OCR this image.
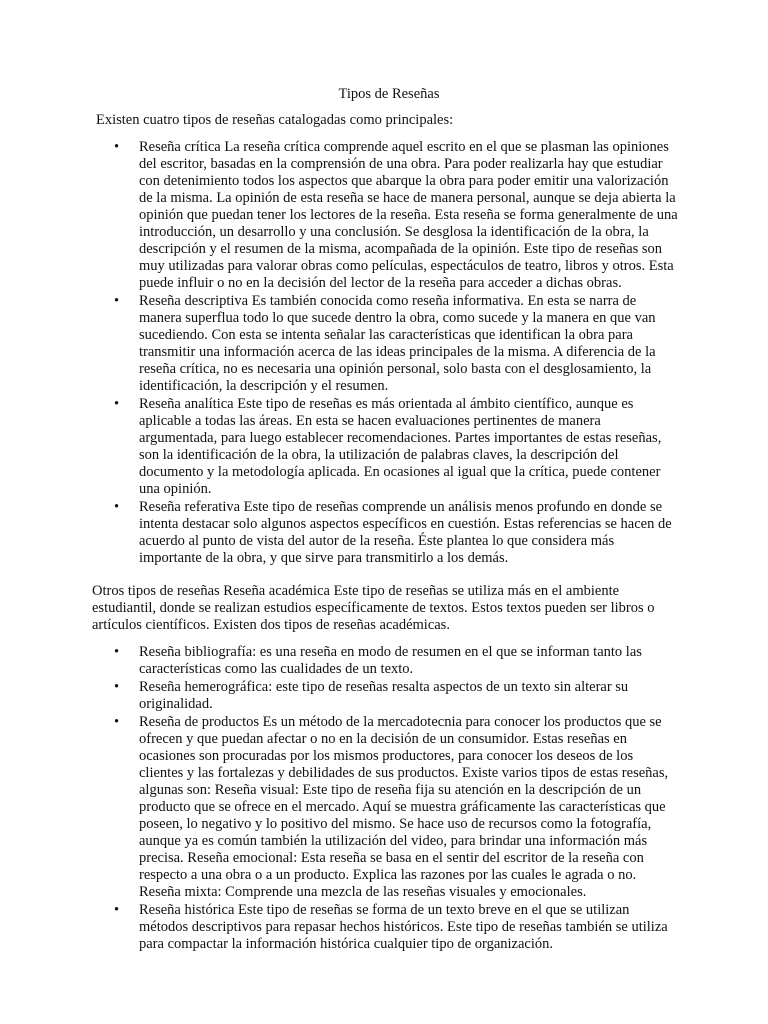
Tipos de Reseñas

Existen cuatro tipos de reseñas catalogadas como principales:

• Reseña crítica La reseña crítica comprende aquel escrito en el que se plasman las opiniones del escritor, basadas en la comprensión de una obra. Para poder realizarla hay que estudiar con detenimiento todos los aspectos que abarque la obra para poder emitir una valorización de la misma. La opinión de esta reseña se hace de manera personal, aunque se deja abierta la opinión que puedan tener los lectores de la reseña. Esta reseña se forma generalmente de una introducción, un desarrollo y una conclusión. Se desglosa la identificación de la obra, la descripción y el resumen de la misma, acompañada de la opinión. Este tipo de reseñas son muy utilizadas para valorar obras como películas, espectáculos de teatro, libros y otros. Esta puede influir o no en la decisión del lector de la reseña para acceder a dichas obras.
• Reseña descriptiva Es también conocida como reseña informativa. En esta se narra de manera superflua todo lo que sucede dentro la obra, como sucede y la manera en que van sucediendo. Con esta se intenta señalar las características que identifican la obra para transmitir una información acerca de las ideas principales de la misma. A diferencia de la reseña crítica, no es necesaria una opinión personal, solo basta con el desglosamiento, la identificación, la descripción y el resumen.
• Reseña analítica Este tipo de reseñas es más orientada al ámbito científico, aunque es aplicable a todas las áreas. En esta se hacen evaluaciones pertinentes de manera argumentada, para luego establecer recomendaciones. Partes importantes de estas reseñas, son la identificación de la obra, la utilización de palabras claves, la descripción del documento y la metodología aplicada. En ocasiones al igual que la crítica, puede contener una opinión.
• Reseña referativa Este tipo de reseñas comprende un análisis menos profundo en donde se intenta destacar solo algunos aspectos específicos en cuestión. Estas referencias se hacen de acuerdo al punto de vista del autor de la reseña. Éste plantea lo que considera más importante de la obra, y que sirve para transmitirlo a los demás.

Otros tipos de reseñas Reseña académica Este tipo de reseñas se utiliza más en el ambiente estudiantil, donde se realizan estudios específicamente de textos. Estos textos pueden ser libros o artículos científicos. Existen dos tipos de reseñas académicas.

• Reseña bibliografía: es una reseña en modo de resumen en el que se informan tanto las características como las cualidades de un texto.
• Reseña hemerográfica: este tipo de reseñas resalta aspectos de un texto sin alterar su originalidad.
• Reseña de productos Es un método de la mercadotecnia para conocer los productos que se ofrecen y que puedan afectar o no en la decisión de un consumidor. Estas reseñas en ocasiones son procuradas por los mismos productores, para conocer los deseos de los clientes y las fortalezas y debilidades de sus productos. Existe varios tipos de estas reseñas, algunas son: Reseña visual: Este tipo de reseña fija su atención en la descripción de un producto que se ofrece en el mercado. Aquí se muestra gráficamente las características que poseen, lo negativo y lo positivo del mismo. Se hace uso de recursos como la fotografía, aunque ya es común también la utilización del video, para brindar una información más precisa. Reseña emocional: Esta reseña se basa en el sentir del escritor de la reseña con respecto a una obra o a un producto. Explica las razones por las cuales le agrada o no. Reseña mixta: Comprende una mezcla de las reseñas visuales y emocionales.
• Reseña histórica Este tipo de reseñas se forma de un texto breve en el que se utilizan métodos descriptivos para repasar hechos históricos. Este tipo de reseñas también se utiliza para compactar la información histórica cualquier tipo de organización.
